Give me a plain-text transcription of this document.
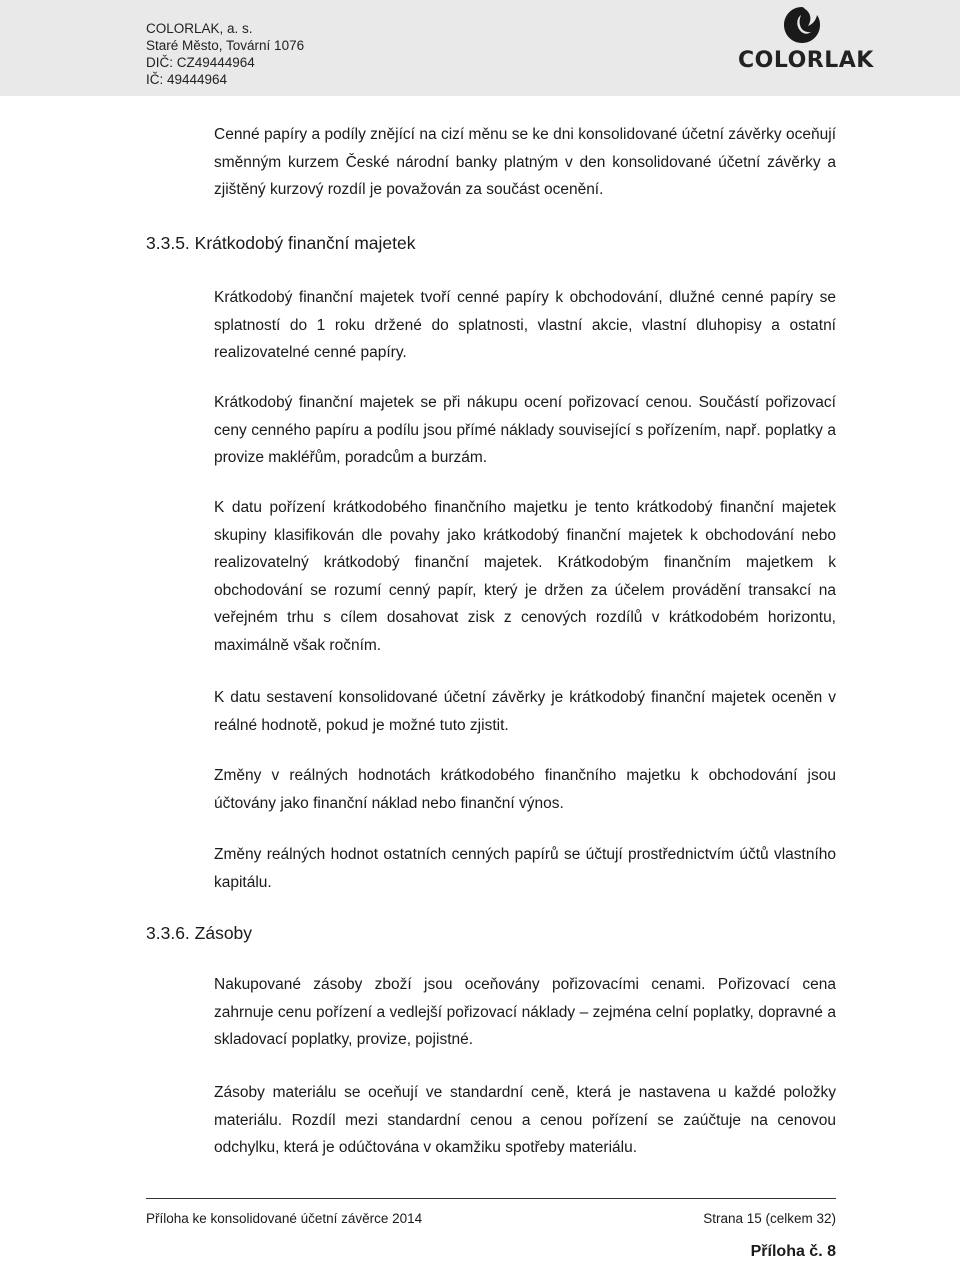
COLORLAK, a. s.
Staré Město, Tovární 1076
DIČ: CZ49444964
IČ: 49444964
COLORLAK

Cenné papíry a podíly znějící na cizí měnu se ke dni konsolidované účetní závěrky oceňují směnným kurzem České národní banky platným v den konsolidované účetní závěrky a zjištěný kurzový rozdíl je považován za součást ocenění.

3.3.5. Krátkodobý finanční majetek

Krátkodobý finanční majetek tvoří cenné papíry k obchodování, dlužné cenné papíry se splatností do 1 roku držené do splatnosti, vlastní akcie, vlastní dluhopisy a ostatní realizovatelné cenné papíry.

Krátkodobý finanční majetek se při nákupu ocení pořizovací cenou. Součástí pořizovací ceny cenného papíru a podílu jsou přímé náklady související s pořízením, např. poplatky a provize makléřům, poradcům a burzám.

K datu pořízení krátkodobého finančního majetku je tento krátkodobý finanční majetek skupiny klasifikován dle povahy jako krátkodobý finanční majetek k obchodování nebo realizovatelný krátkodobý finanční majetek. Krátkodobým finančním majetkem k obchodování se rozumí cenný papír, který je držen za účelem provádění transakcí na veřejném trhu s cílem dosahovat zisk z cenových rozdílů v krátkodobém horizontu, maximálně však ročním.

K datu sestavení konsolidované účetní závěrky je krátkodobý finanční majetek oceněn v reálné hodnotě, pokud je možné tuto zjistit.

Změny v reálných hodnotách krátkodobého finančního majetku k obchodování jsou účtovány jako finanční náklad nebo finanční výnos.

Změny reálných hodnot ostatních cenných papírů se účtují prostřednictvím účtů vlastního kapitálu.

3.3.6. Zásoby

Nakupované zásoby zboží jsou oceňovány pořizovacími cenami. Pořizovací cena zahrnuje cenu pořízení a vedlejší pořizovací náklady – zejména celní poplatky, dopravné a skladovací poplatky, provize, pojistné.

Zásoby materiálu se oceňují ve standardní ceně, která je nastavena u každé položky materiálu. Rozdíl mezi standardní cenou a cenou pořízení se zaúčtuje na cenovou odchylku, která je odúčtována v okamžiku spotřeby materiálu.

Příloha ke konsolidované účetní závěrce 2014	Strana 15 (celkem 32)
Příloha č. 8
